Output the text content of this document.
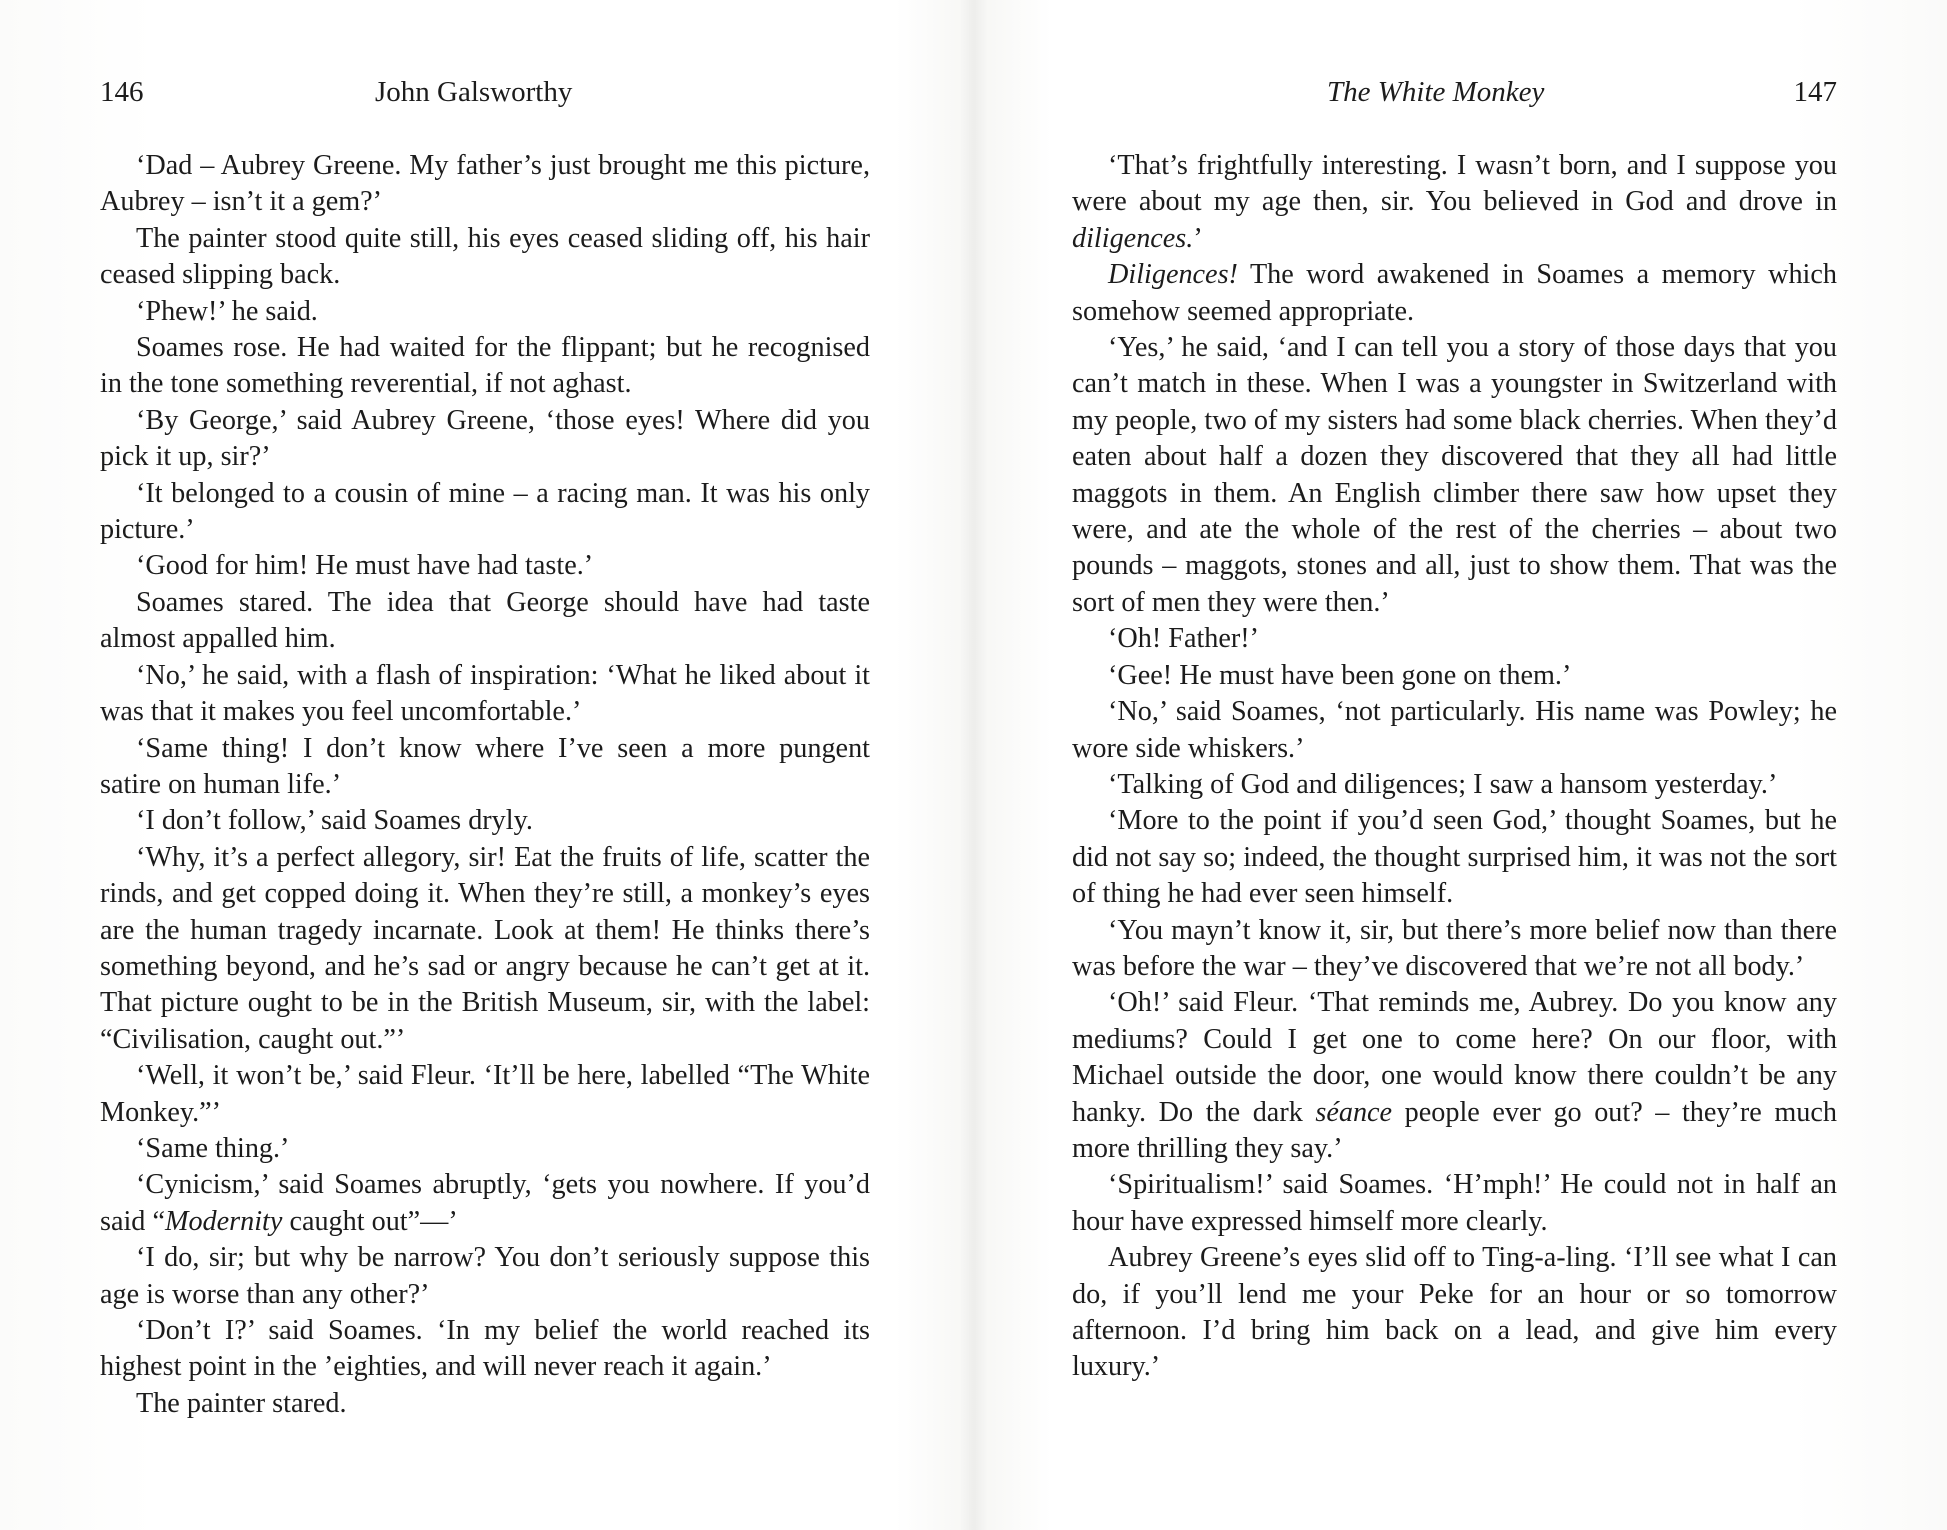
146	John Galsworthy

‘Dad – Aubrey Greene. My father’s just brought me this picture, Aubrey – isn’t it a gem?’

The painter stood quite still, his eyes ceased sliding off, his hair ceased slipping back.

‘Phew!’ he said.

Soames rose. He had waited for the flippant; but he recognised in the tone something reverential, if not aghast.

‘By George,’ said Aubrey Greene, ‘those eyes! Where did you pick it up, sir?’

‘It belonged to a cousin of mine – a racing man. It was his only picture.’

‘Good for him! He must have had taste.’

Soames stared. The idea that George should have had taste almost appalled him.

‘No,’ he said, with a flash of inspiration: ‘What he liked about it was that it makes you feel uncomfortable.’

‘Same thing! I don’t know where I’ve seen a more pungent satire on human life.’

‘I don’t follow,’ said Soames dryly.

‘Why, it’s a perfect allegory, sir! Eat the fruits of life, scatter the rinds, and get copped doing it. When they’re still, a monkey’s eyes are the human tragedy incarnate. Look at them! He thinks there’s something beyond, and he’s sad or angry because he can’t get at it. That picture ought to be in the British Museum, sir, with the label: “Civilisation, caught out.”’

‘Well, it won’t be,’ said Fleur. ‘It’ll be here, labelled “The White Monkey.”’

‘Same thing.’

‘Cynicism,’ said Soames abruptly, ‘gets you nowhere. If you’d said “Modernity caught out”—’

‘I do, sir; but why be narrow? You don’t seriously suppose this age is worse than any other?’

‘Don’t I?’ said Soames. ‘In my belief the world reached its highest point in the ’eighties, and will never reach it again.’

The painter stared.

The White Monkey	147

‘That’s frightfully interesting. I wasn’t born, and I suppose you were about my age then, sir. You believed in God and drove in diligences.’

Diligences! The word awakened in Soames a memory which somehow seemed appropriate.

‘Yes,’ he said, ‘and I can tell you a story of those days that you can’t match in these. When I was a youngster in Switzerland with my people, two of my sisters had some black cherries. When they’d eaten about half a dozen they discovered that they all had little maggots in them. An English climber there saw how upset they were, and ate the whole of the rest of the cherries – about two pounds – maggots, stones and all, just to show them. That was the sort of men they were then.’

‘Oh! Father!’

‘Gee! He must have been gone on them.’

‘No,’ said Soames, ‘not particularly. His name was Powley; he wore side whiskers.’

‘Talking of God and diligences; I saw a hansom yesterday.’

‘More to the point if you’d seen God,’ thought Soames, but he did not say so; indeed, the thought surprised him, it was not the sort of thing he had ever seen himself.

‘You mayn’t know it, sir, but there’s more belief now than there was before the war – they’ve discovered that we’re not all body.’

‘Oh!’ said Fleur. ‘That reminds me, Aubrey. Do you know any mediums? Could I get one to come here? On our floor, with Michael outside the door, one would know there couldn’t be any hanky. Do the dark séance people ever go out? – they’re much more thrilling they say.’

‘Spiritualism!’ said Soames. ‘H’mph!’ He could not in half an hour have expressed himself more clearly.

Aubrey Greene’s eyes slid off to Ting-a-ling. ‘I’ll see what I can do, if you’ll lend me your Peke for an hour or so tomorrow afternoon. I’d bring him back on a lead, and give him every luxury.’
